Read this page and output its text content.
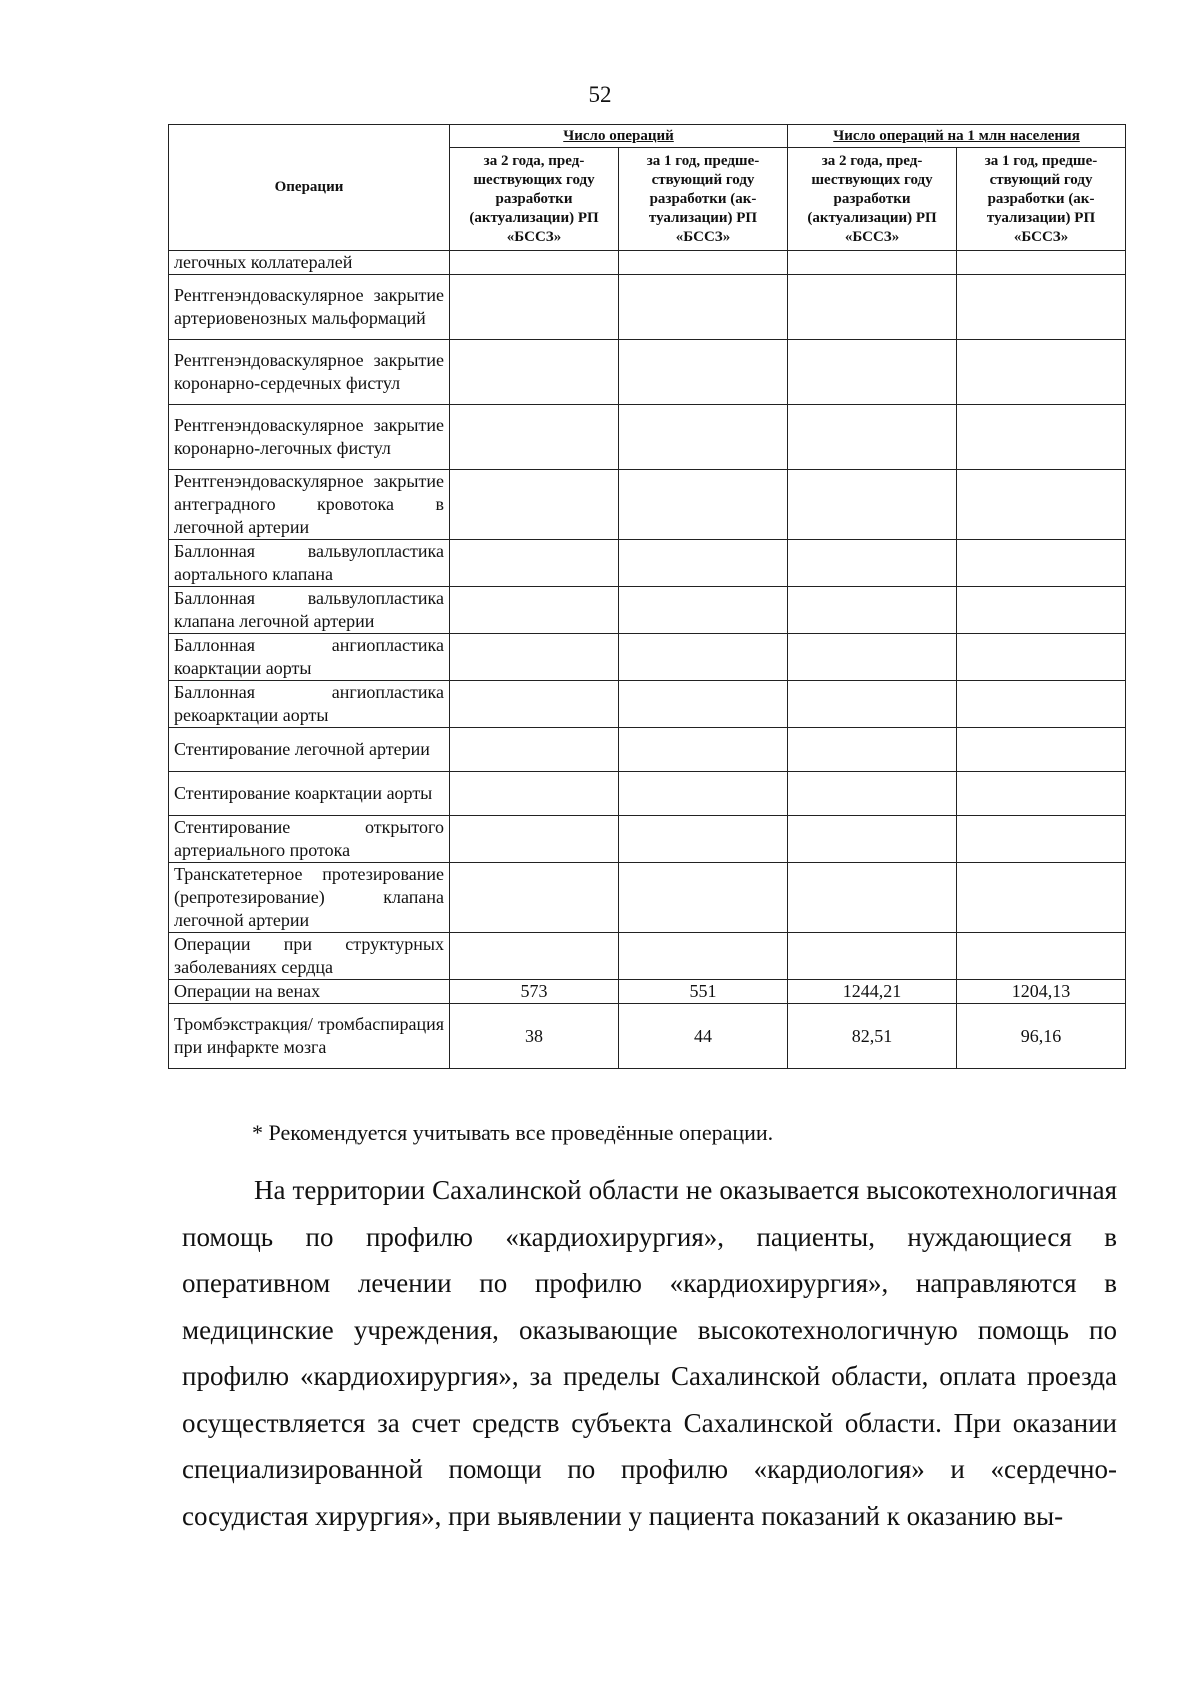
52
Операции	Число операций		Число операций на 1 млн населения	
	за 2 года, пред-шествующих году разработки (актуализации) РП «БССЗ»	за 1 год, предше-ствующий году разработки (ак-туализации) РП «БССЗ»	за 2 года, пред-шествующих году разработки (актуализации) РП «БССЗ»	за 1 год, предше-ствующий году разработки (ак-туализации) РП «БССЗ»
легочных коллатералей				
Рентгенэндоваскулярное закрытие артериовенозных мальформаций				
Рентгенэндоваскулярное закрытие коронарно-сердечных фистул				
Рентгенэндоваскулярное закрытие коронарно-легочных фистул				
Рентгенэндоваскулярное закрытие антеградного кровотока в легочной артерии				
Баллонная вальвулопластика аортального клапана				
Баллонная вальвулопластика клапана легочной артерии				
Баллонная ангиопластика коарктации аорты				
Баллонная ангиопластика рекоарктации аорты				
Стентирование легочной артерии				
Стентирование коарктации аорты				
Стентирование открытого артериального протока				
Транскатетерное протезирование (репротезирование) клапана легочной артерии				
Операции при структурных заболеваниях сердца				
Операции на венах	573	551	1244,21	1204,13
Тромбэкстракция/ тромбаспирация при инфаркте мозга	38	44	82,51	96,16
* Рекомендуется учитывать все проведённые операции.

На территории Сахалинской области не оказывается высокотехнологичная помощь по профилю «кардиохирургия», пациенты, нуждающиеся в оперативном лечении по профилю «кардиохирургия», направляются в медицинские учреждения, оказывающие высокотехнологичную помощь по профилю «кардиохирургия», за пределы Сахалинской области, оплата проезда осуществляется за счет средств субъекта Сахалинской области. При оказании специализированной помощи по профилю «кардиология» и «сердечно-сосудистая хирургия», при выявлении у пациента показаний к оказанию вы-
